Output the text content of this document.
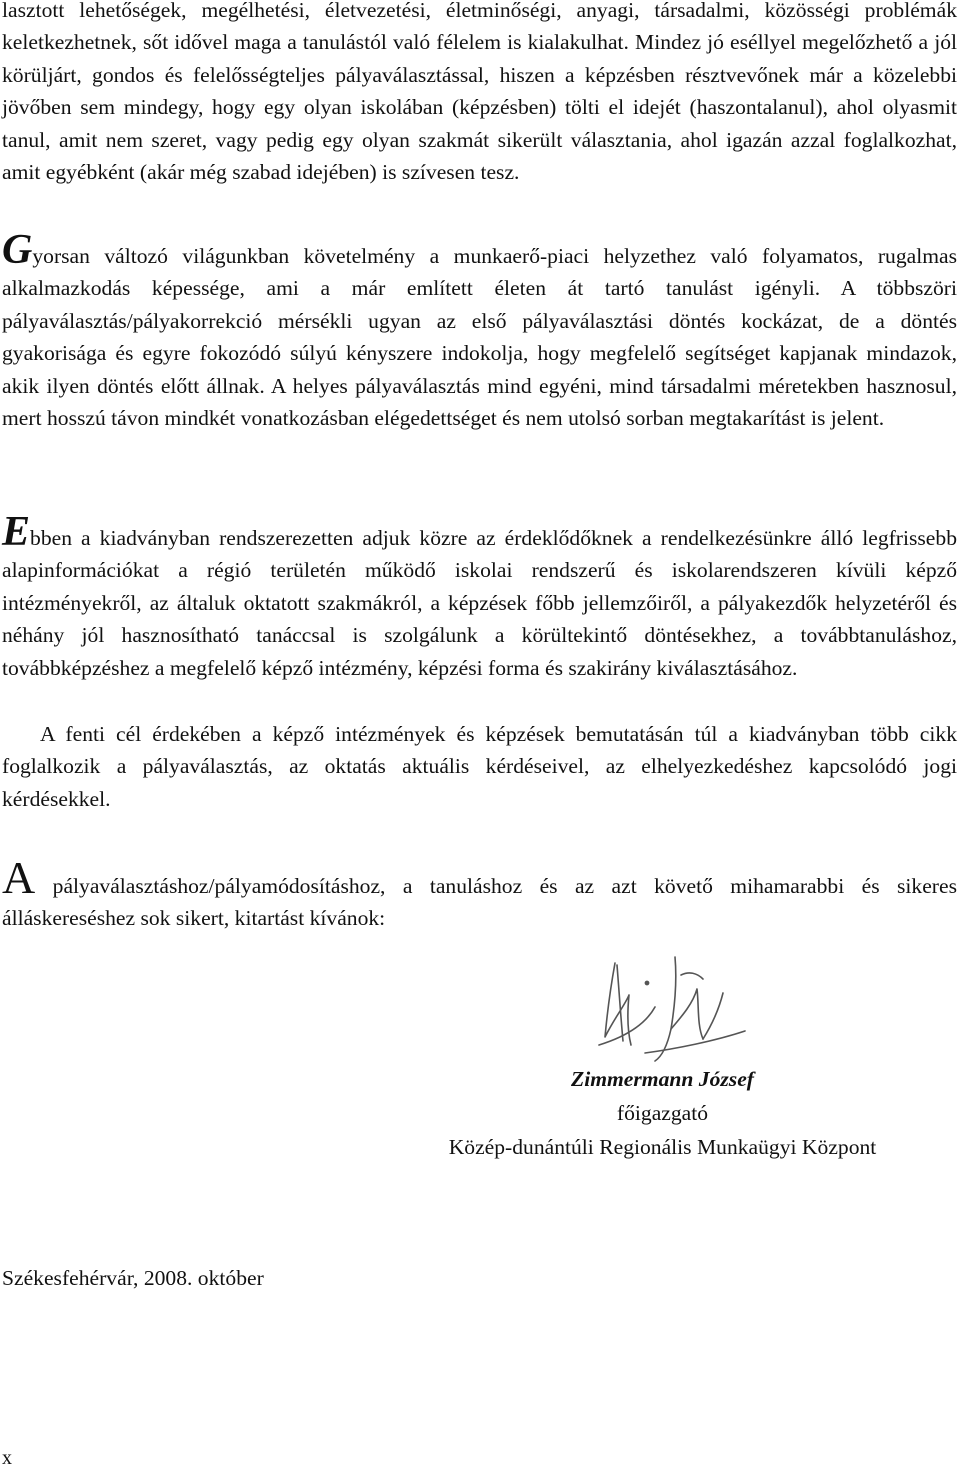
lasztott lehetőségek, megélhetési, életvezetési, életminőségi, anyagi, társadalmi, közösségi problémák keletkezhetnek, sőt idővel maga a tanulástól való félelem is kialakulhat. Mindez jó eséllyel megelőzhető a jól körüljárt, gondos és felelősségteljes pályaválasztással, hiszen a képzésben résztvevőnek már a közelebbi jövőben sem mindegy, hogy egy olyan iskolában (képzésben) tölti el idejét (haszontalanul), ahol olyasmit tanul, amit nem szeret, vagy pedig egy olyan szakmát sikerült választania, ahol igazán azzal foglalkozhat, amit egyébként (akár még szabad idejében) is szívesen tesz.

Gyorsan változó világunkban követelmény a munkaerő-piaci helyzethez való folyamatos, rugalmas alkalmazkodás képessége, ami a már említett életen át tartó tanulást igényli. A többszöri pályaválasztás/pályakorrekció mérsékli ugyan az első pályaválasztási döntés kockázat, de a döntés gyakorisága és egyre fokozódó súlyú kényszere indokolja, hogy megfelelő segítséget kapjanak mindazok, akik ilyen döntés előtt állnak. A helyes pályaválasztás mind egyéni, mind társadalmi méretekben hasznosul, mert hosszú távon mindkét vonatkozásban elégedettséget és nem utolsó sorban megtakarítást is jelent.

Ebben a kiadványban rendszerezetten adjuk közre az érdeklődőknek a rendelkezésünkre álló legfrissebb alapinformációkat a régió területén működő iskolai rendszerű és iskolarendszeren kívüli képző intézményekről, az általuk oktatott szakmákról, a képzések főbb jellemzőiről, a pályakezdők helyzetéről és néhány jól hasznosítható tanáccsal is szolgálunk a körültekintő döntésekhez, a továbbtanuláshoz, továbbképzéshez a megfelelő képző intézmény, képzési forma és szakirány kiválasztásához.

A fenti cél érdekében a képző intézmények és képzések bemutatásán túl a kiadványban több cikk foglalkozik a pályaválasztás, az oktatás aktuális kérdéseivel, az elhelyezkedéshez kapcsolódó jogi kérdésekkel.

A pályaválasztáshoz/pályamódosításhoz, a tanuláshoz és az azt követő mihamarabbi és sikeres álláskereséshez sok sikert, kitartást kívánok:

Zimmermann József
főigazgató
Közép-dunántúli Regionális Munkaügyi Központ
Székesfehérvár, 2008. október
x
